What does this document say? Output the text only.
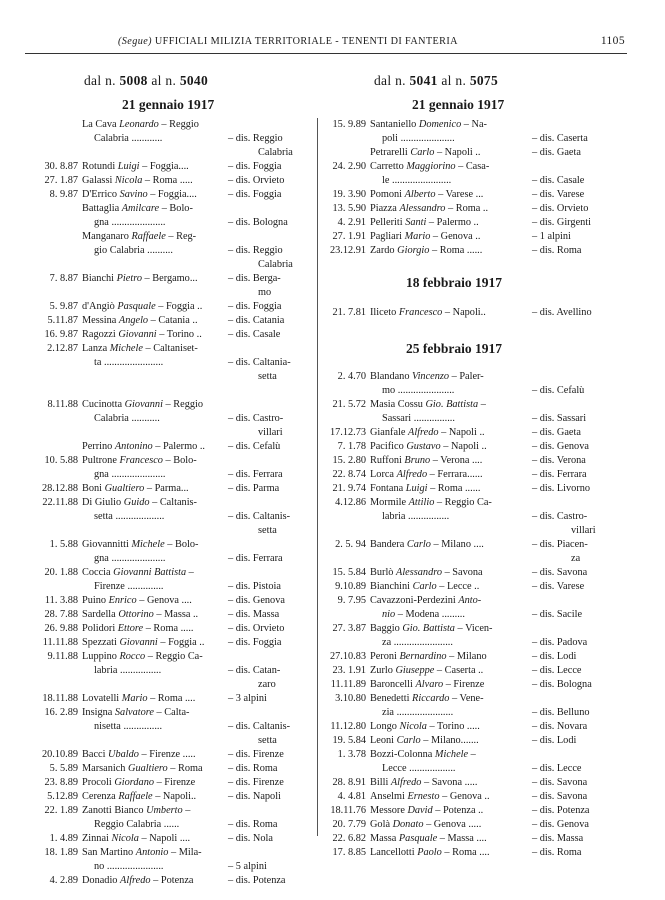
(Segue) UFFICIALI MILIZIA TERRITORIALE - TENENTI DI FANTERIA	1105
dal n. 5008 al n. 5040
21 gennaio 1917
La Cava Leonardo – Reggio
Calabria ............	– dis. Reggio
Calabria
30. 8.87 Rotundi Luigi – Foggia....	– dis. Foggia
27. 1.87 Galassi Nicola – Roma .....	– dis. Orvieto
8. 9.87 D'Errico Savino – Foggia....	– dis. Foggia
Battaglia Amilcare – Bolo-
gna .....................	– dis. Bologna
Manganaro Raffaele – Reg-
gio Calabria ..........	– dis. Reggio
Calabria
7. 8.87 Bianchi Pietro – Bergamo...	– dis. Berga-
mo
5. 9.87 d'Angiò Pasquale – Foggia .. – dis. Foggia
5.11.87 Messina Angelo – Catania ..	– dis. Catania
16. 9.87 Ragozzi Giovanni – Torino ..	– dis. Casale
2.12.87 Lanza Michele – Caltaniset-
ta .......................	– dis. Caltania-
setta
8.11.88 Cucinotta Giovanni – Reggio
Calabria ...........	– dis. Castro-
villari
Perrino Antonino – Palermo .. – dis. Cefalù
10. 5.88 Pultrone Francesco – Bolo-
gna .....................	– dis. Ferrara
28.12.88 Boni Gualtiero – Parma...	– dis. Parma
22.11.88 Di Giulio Guido – Caltanis-
setta ...................	– dis. Caltanis-
setta
1. 5.88 Giovannitti Michele – Bolo-
gna .....................	– dis. Ferrara
20. 1.88 Coccia Giovanni Battista –
Firenze ..............	– dis. Pistoia
11. 3.88 Puino Enrico – Genova ....	– dis. Genova
28. 7.88 Sardella Ottorino – Massa ..	– dis. Massa
26. 9.88 Polidori Ettore – Roma .....	– dis. Orvieto
11.11.88 Spezzati Giovanni – Foggia .. – dis. Foggia
9.11.88 Luppino Rocco – Reggio Ca-
labria ................	– dis. Catan-
zaro
18.11.88 Lovatelli Mario – Roma ....	– 3 alpini
16. 2.89 Insigna Salvatore – Calta-
nisetta ...............	– dis. Caltanis-
setta
20.10.89 Bacci Ubaldo – Firenze .....	– dis. Firenze
5. 5.89 Marsanich Gualtiero – Roma – dis. Roma
23. 8.89 Procoli Giordano – Firenze	– dis. Firenze
5.12.89 Cerenza Raffaele – Napoli..	– dis. Napoli
22. 1.89 Zanotti Bianco Umberto –
Reggio Calabria ......	– dis. Roma
1. 4.89 Zinnai Nicola – Napoli ....	– dis. Nola
18. 1.89 San Martino Antonio – Mila-
no ......................	– 5 alpini
4. 2.89 Donadio Alfredo – Potenza	– dis. Potenza
dal n. 5041 al n. 5075
21 gennaio 1917
18 febbraio 1917
25 febbraio 1917
15. 9.89 Santaniello Domenico – Na-
poli .....................	– dis. Caserta
Petrarelli Carlo – Napoli ..	– dis. Gaeta
24. 2.90 Carretto Maggiorino – Casa-
le .......................	– dis. Casale
19. 3.90 Pomoni Alberto – Varese ...	– dis. Varese
13. 5.90 Piazza Alessandro – Roma ..	– dis. Orvieto
4. 2.91 Pelleriti Santi – Palermo ..	– dis. Girgenti
27. 1.91 Pagliari Mario – Genova ..	– 1 alpini
23.12.91 Zardo Giorgio – Roma ......	– dis. Roma
21. 7.81 Iliceto Francesco – Napoli..	– dis. Avellino
2. 4.70 Blandano Vincenzo – Paler-
mo ......................	– dis. Cefalù
21. 5.72 Masia Cossu Gio. Battista –
Sassari ................	– dis. Sassari
17.12.73 Gianfale Alfredo – Napoli ..	– dis. Gaeta
7. 1.78 Pacifico Gustavo – Napoli ..	– dis. Genova
15. 2.80 Ruffoni Bruno – Verona ....	– dis. Verona
22. 8.74 Lorca Alfredo – Ferrara......	– dis. Ferrara
21. 9.74 Fontana Luigi – Roma ......	– dis. Livorno
4.12.86 Mormile Attilio – Reggio Ca-
labria ................	– dis. Castro-
villari
2. 5. 94 Bandera Carlo – Milano ....	– dis. Piacen-
za
15. 5.84 Burlò Alessandro – Savona	– dis. Savona
9.10.89 Bianchini Carlo – Lecce ..	– dis. Varese
9. 7.95 Cavazzoni-Perdezini Anto-
nio – Modena .........	– dis. Sacile
27. 3.87 Baggio Gio. Battista – Vicen-
za .......................	– dis. Padova
27.10.83 Peroni Bernardino – Milano	– dis. Lodi
23. 1.91 Zurlo Giuseppe – Caserta ..	– dis. Lecce
11.11.89 Baroncelli Alvaro – Firenze	– dis. Bologna
3.10.80 Benedetti Riccardo – Vene-
zia ......................	– dis. Belluno
11.12.80 Longo Nicola – Torino .....	– dis. Novara
19. 5.84 Leoni Carlo – Milano.......	– dis. Lodi
1. 3.78 Bozzi-Colonna Michele –
Lecce ..................	– dis. Lecce
28. 8.91 Billi Alfredo – Savona .....	– dis. Savona
4. 4.81 Anselmi Ernesto – Genova ..	– dis. Savona
18.11.76 Messore David – Potenza ..	– dis. Potenza
20. 7.79 Golà Donato – Genova .....	– dis. Genova
22. 6.82 Massa Pasquale – Massa ....	– dis. Massa
17. 8.85 Lancellotti Paolo – Roma ....	– dis. Roma
